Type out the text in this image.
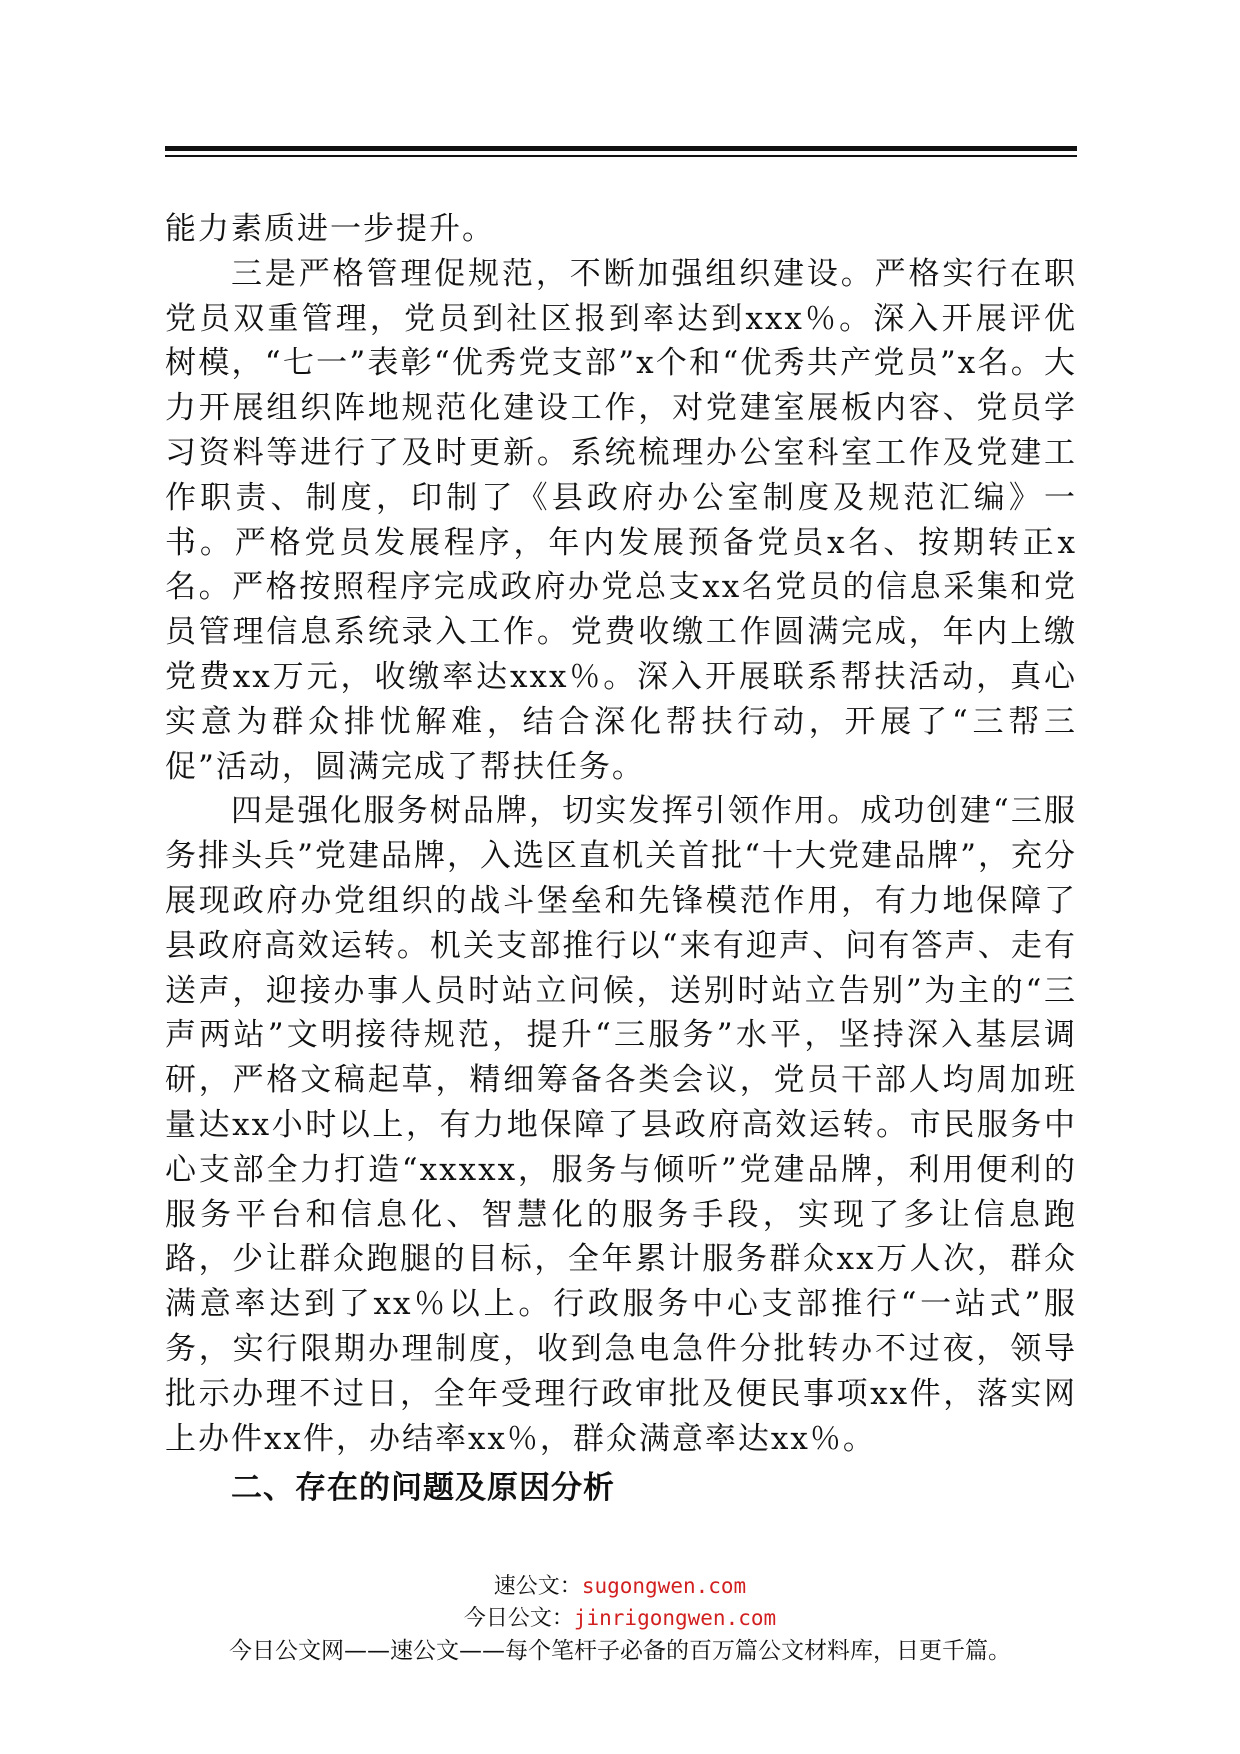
能力素质进一步提升。

三是严格管理促规范，不断加强组织建设。严格实行在职党员双重管理，党员到社区报到率达到xxx％。深入开展评优树模，“七一”表彰“优秀党支部”x个和“优秀共产党员”x名。大力开展组织阵地规范化建设工作，对党建室展板内容、党员学习资料等进行了及时更新。系统梳理办公室科室工作及党建工作职责、制度，印制了《县政府办公室制度及规范汇编》一书。严格党员发展程序，年内发展预备党员x名、按期转正x名。严格按照程序完成政府办党总支xx名党员的信息采集和党员管理信息系统录入工作。党费收缴工作圆满完成，年内上缴党费xx万元，收缴率达xxx％。深入开展联系帮扶活动，真心实意为群众排忧解难，结合深化帮扶行动，开展了“三帮三促”活动，圆满完成了帮扶任务。

四是强化服务树品牌，切实发挥引领作用。成功创建“三服务排头兵”党建品牌，入选区直机关首批“十大党建品牌”，充分展现政府办党组织的战斗堡垒和先锋模范作用，有力地保障了县政府高效运转。机关支部推行以“来有迎声、问有答声、走有送声，迎接办事人员时站立问候，送别时站立告别”为主的“三声两站”文明接待规范，提升“三服务”水平，坚持深入基层调研，严格文稿起草，精细筹备各类会议，党员干部人均周加班量达xx小时以上，有力地保障了县政府高效运转。市民服务中心支部全力打造“xxxxx，服务与倾听”党建品牌，利用便利的服务平台和信息化、智慧化的服务手段，实现了多让信息跑路，少让群众跑腿的目标，全年累计服务群众xx万人次，群众满意率达到了xx％以上。行政服务中心支部推行“一站式”服务，实行限期办理制度，收到急电急件分批转办不过夜，领导批示办理不过日，全年受理行政审批及便民事项xx件，落实网上办件xx件，办结率xx％，群众满意率达xx％。

二、存在的问题及原因分析
速公文：sugongwen.com
今日公文：jinrigongwen.com
今日公文网——速公文——每个笔杆子必备的百万篇公文材料库，日更千篇。
